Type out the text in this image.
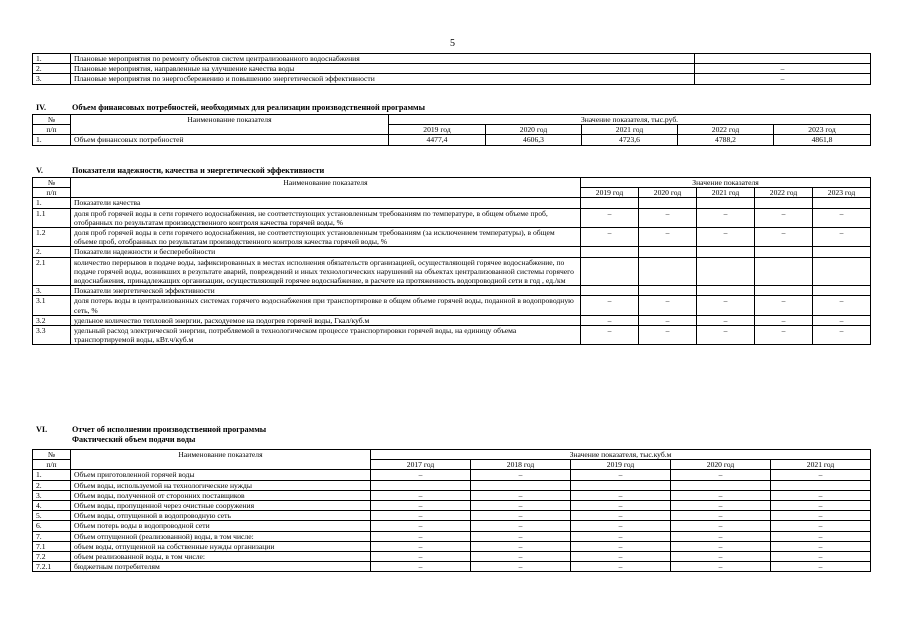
5
1.	Плановые мероприятия по ремонту объектов систем централизованного водоснабжения	
2.	Плановые мероприятия, направленные на улучшение качества воды	–
3.	Плановые мероприятия по энергосбережению и повышению энергетической эффективности	–
IV.	Объем финансовых потребностей, необходимых для реализации производственной программы
№	Наименование показателя	Значение показателя, тыс.руб.				
п/п		2019 год	2020 год	2021 год	2022 год	2023 год
1.	Объем финансовых потребностей	4477,4	4606,3	4723,6	4788,2	4861,8
V.	Показатели надежности, качества и энергетической эффективности
№	Наименование показателя	Значение показателя				
п/п		2019 год	2020 год	2021 год	2022 год	2023 год
1.	Показатели качества					
1.1	доля проб горячей воды в сети горячего водоснабжения, не соответствующих установленным требованиям по температуре, в общем объеме проб, отобранных по результатам производственного контроля качества горячей воды, %	–	–	–	–	–
1.2	доля проб горячей воды в сети горячего водоснабжения, не соответствующих установленным требованиям (за исключением температуры), в общем объеме проб, отобранных по результатам производственного контроля качества горячей воды, %	–	–	–	–	–
2.	Показатели надежности и бесперебойности					
2.1	количество перерывов в подаче воды, зафиксированных в местах исполнения обязательств организацией, осуществляющей горячее водоснабжение, по подаче горячей воды, возникших в результате аварий, повреждений и иных технологических нарушений на объектах централизованной системы горячего водоснабжения, принадлежащих организации, осуществляющей горячее водоснабжение, в расчете на протяженность водопроводной сети в год , ед./км					
3.	Показатели энергетической эффективности					
3.1	доля потерь воды в централизованных системах горячего водоснабжения при транспортировке в общем объеме горячей воды, поданной в водопроводную сеть, %	–	–	–	–	–
3.2	удельное количество тепловой энергии, расходуемое на подогрев горячей воды, Гкал/куб.м	–	–	–	–	–
3.3	удельный расход электрической энергии, потребляемой в технологическом процессе транспортировки горячей воды, на единицу объема транспортируемой воды, кВт.ч/куб.м	–	–	–	–	–
VI.	Отчет об исполнении производственной программы
Фактический объем подачи воды
№	Наименование показателя	Значение показателя, тыс.куб.м				
п/п		2017 год	2018 год	2019 год	2020 год	2021 год
1.	Объем приготовленной горячей воды	–	–	–	–	–
2.	Объем воды, используемой на технологические нужды					
3.	Объем воды, полученной от сторонних поставщиков	–	–	–	–	–
4.	Объем воды, пропущенной через очистные сооружения	–	–	–	–	–
5.	Объем воды, отпущенной в водопроводную сеть	–	–	–	–	–
6.	Объем потерь воды в водопроводной сети	–	–	–	–	–
7.	Объем отпущенной (реализованной) воды, в том числе:	–	–	–	–	–
7.1	объем воды, отпущенной на собственные нужды организации	–	–	–	–	–
7.2	объем реализованной воды, в том числе:	–	–	–	–	–
7.2.1	бюджетным потребителям	–	–	–	–	–
